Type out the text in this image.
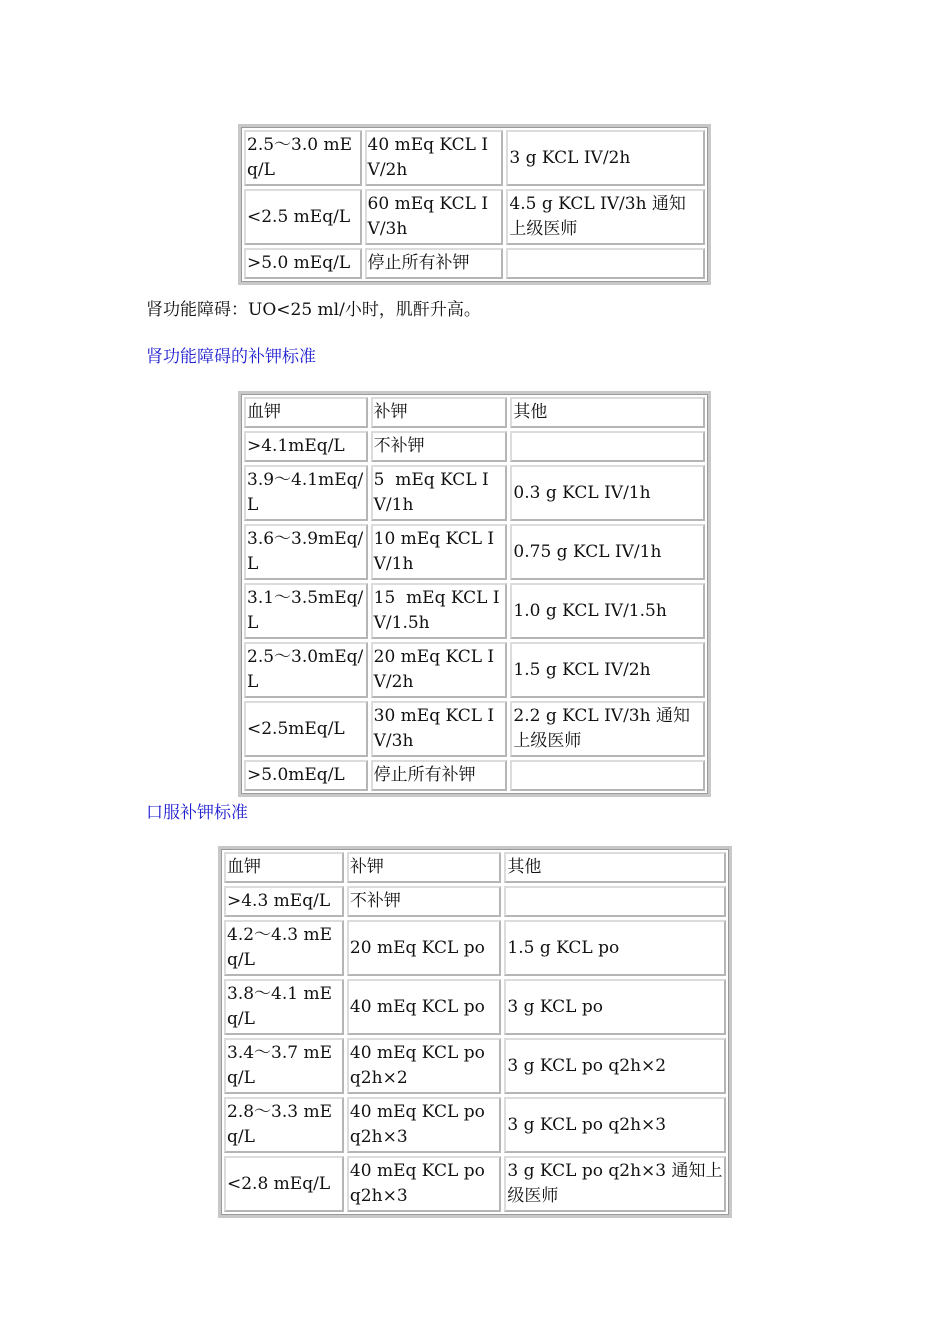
2.5～3.0 mEq/L	40 mEq KCL IV/2h	3 g KCL IV/2h
<2.5 mEq/L	60 mEq KCL IV/3h	4.5 g KCL IV/3h 通知上级医师
>5.0 mEq/L	停止所有补钾	

肾功能障碍：UO<25 ml/小时，肌酐升高。

肾功能障碍的补钾标准

血钾	补钾	其他
>4.1mEq/L	不补钾	
3.9～4.1mEq/L	5  mEq KCL IV/1h	0.3 g KCL IV/1h
3.6～3.9mEq/L	10 mEq KCL IV/1h	0.75 g KCL IV/1h
3.1～3.5mEq/L	15  mEq KCL IV/1.5h	1.0 g KCL IV/1.5h
2.5～3.0mEq/L	20 mEq KCL IV/2h	1.5 g KCL IV/2h
<2.5mEq/L	30 mEq KCL IV/3h	2.2 g KCL IV/3h 通知上级医师
>5.0mEq/L	停止所有补钾	

口服补钾标准

血钾	补钾	其他
>4.3 mEq/L	不补钾	
4.2～4.3 mEq/L	20 mEq KCL po	1.5 g KCL po
3.8～4.1 mEq/L	40 mEq KCL po	3 g KCL po
3.4～3.7 mEq/L	40 mEq KCL po q2h×2	3 g KCL po q2h×2
2.8～3.3 mEq/L	40 mEq KCL po q2h×3	3 g KCL po q2h×3
<2.8 mEq/L	40 mEq KCL po q2h×3	3 g KCL po q2h×3 通知上级医师
